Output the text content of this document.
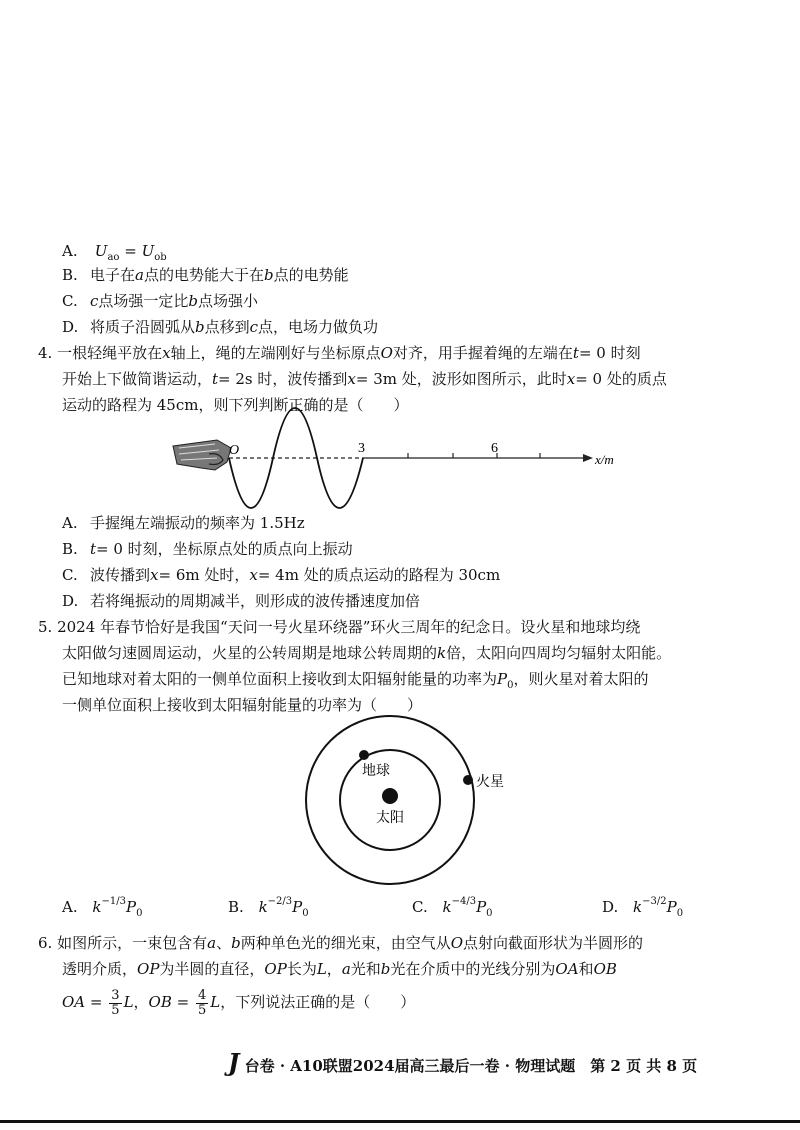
A. $U_{ao} = U_{ob}$
B. 电子在a点的电势能大于在b点的电势能
C. c点场强一定比b点场强小
D. 将质子沿圆弧从b点移到c点，电场力做负功
4. 一根轻绳平放在x轴上，绳的左端刚好与坐标原点O对齐，用手握着绳的左端在t= 0 时刻
开始上下做简谐运动，t= 2s 时，波传播到x= 3m 处，波形如图所示，此时x= 0 处的质点
运动的路程为 45cm，则下列判断正确的是（　　）
O	3	6
x/m
A. 手握绳左端振动的频率为 1.5Hz
B. t= 0 时刻，坐标原点处的质点向上振动
C. 波传播到x= 6m 处时，x= 4m 处的质点运动的路程为 30cm
D. 若将绳振动的周期减半，则形成的波传播速度加倍
5. 2024 年春节恰好是我国“天问一号火星环绕器”环火三周年的纪念日。设火星和地球均绕
太阳做匀速圆周运动，火星的公转周期是地球公转周期的k倍，太阳向四周均匀辐射太阳能。
已知地球对着太阳的一侧单位面积上接收到太阳辐射能量的功率为$P_0$，则火星对着太阳的
一侧单位面积上接收到太阳辐射能量的功率为（　　）
地球
火星
太阳
A. $k^{-1/3}P_0$	B. $k^{-2/3}P_0$	C. $k^{-4/3}P_0$	D. $k^{-3/2}P_0$
6. 如图所示，一束包含有a、b两种单色光的细光束，由空气从O点射向截面形状为半圆形的
透明介质，OP为半圆的直径，OP长为L，a光和b光在介质中的光线分别为OA和OB
OA = $\frac{3}{5}$ L，OB = $\frac{4}{5}$ L，下列说法正确的是（　　）
J 台卷 · A10联盟2024届高三最后一卷 · 物理试题　第 2 页 共 8 页
